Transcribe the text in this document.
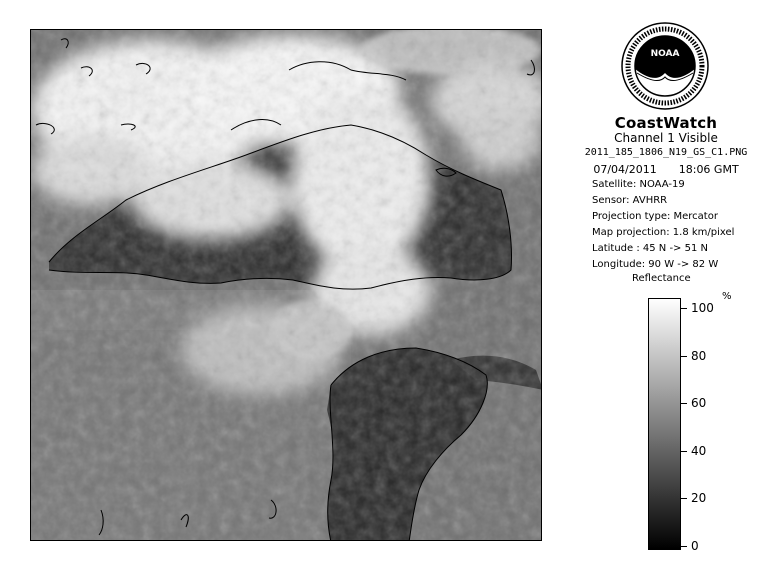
NOAA
CoastWatch
Channel 1 Visible
2011_185_1806_N19_GS_C1.PNG
07/04/2011 18:06 GMT
Satellite: NOAA-19
Sensor: AVHRR
Projection type: Mercator
Map projection: 1.8 km/pixel
Latitude : 45 N -> 51 N
Longitude: 90 W -> 82 W
Reflectance
%
0
20
40
60
80
100
